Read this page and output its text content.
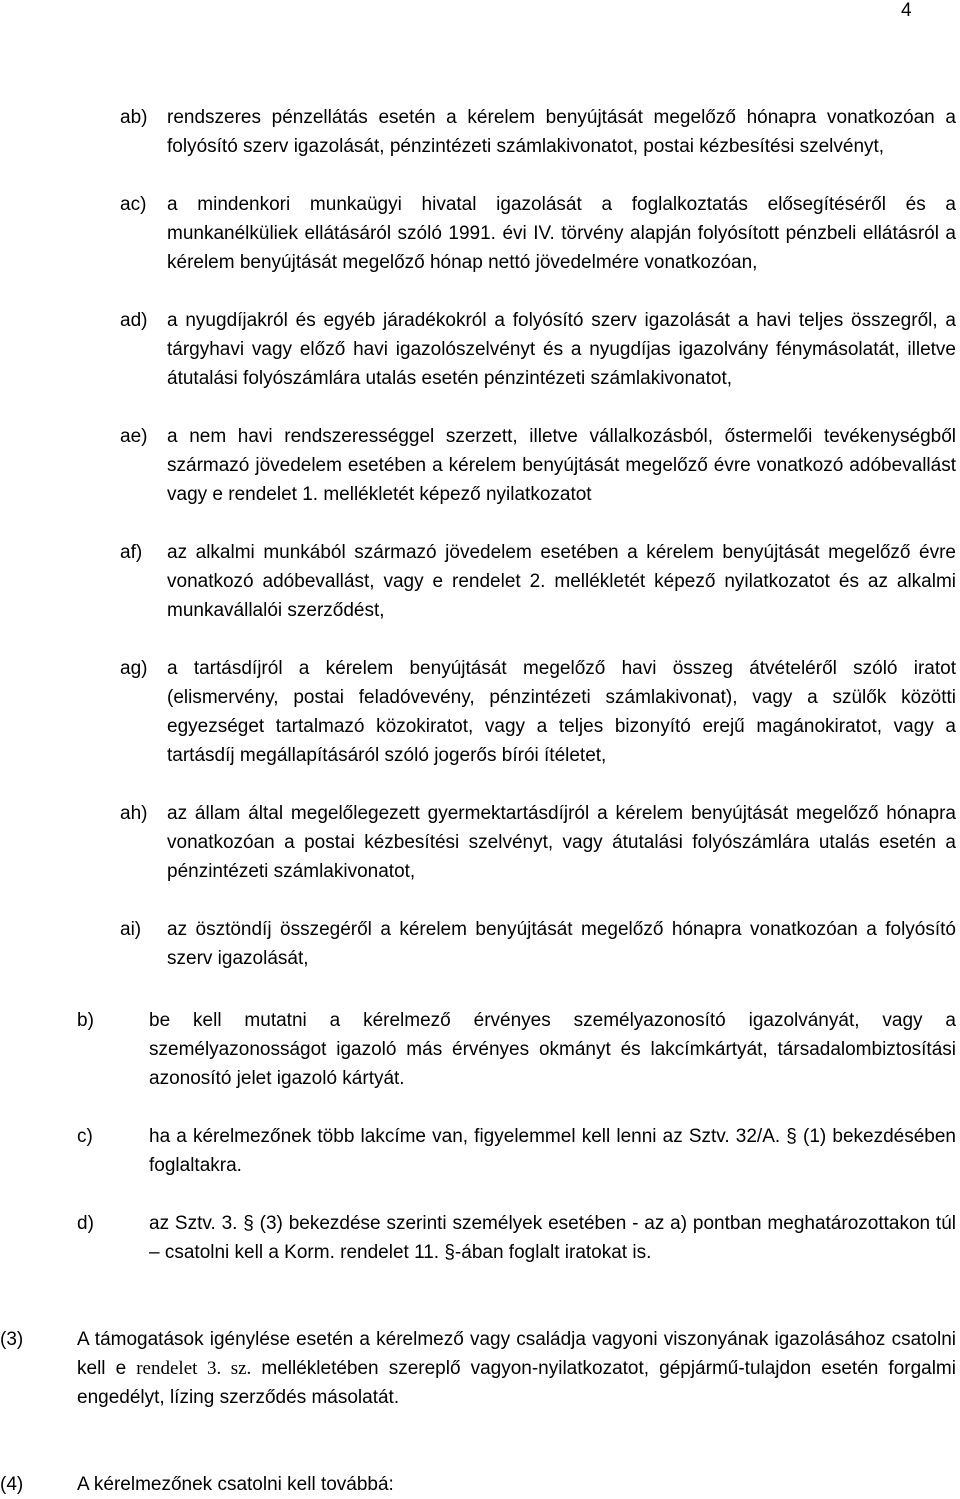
4
ab) rendszeres pénzellátás esetén a kérelem benyújtását megelőző hónapra vonatkozóan a folyósító szerv igazolását, pénzintézeti számlakivonatot, postai kézbesítési szelvényt,
ac) a mindenkori munkaügyi hivatal igazolását a foglalkoztatás elősegítéséről és a munkanélküliek ellátásáról szóló 1991. évi IV. törvény alapján folyósított pénzbeli ellátásról a kérelem benyújtását megelőző hónap nettó jövedelmére vonatkozóan,
ad) a nyugdíjakról és egyéb járadékokról a folyósító szerv igazolását a havi teljes összegről, a tárgyhavi vagy előző havi igazolószelvényt és a nyugdíjas igazolvány fénymásolatát, illetve átutalási folyószámlára utalás esetén pénzintézeti számlakivonatot,
ae) a nem havi rendszerességgel szerzett, illetve vállalkozásból, őstermelői tevékenységből származó jövedelem esetében a kérelem benyújtását megelőző évre vonatkozó adóbevallást vagy e rendelet 1. mellékletét képező nyilatkozatot
af) az alkalmi munkából származó jövedelem esetében a kérelem benyújtását megelőző évre vonatkozó adóbevallást, vagy e rendelet 2. mellékletét képező nyilatkozatot és az alkalmi munkavállalói szerződést,
ag) a tartásdíjról a kérelem benyújtását megelőző havi összeg átvételéről szóló iratot (elismervény, postai feladóvevény, pénzintézeti számlakivonat), vagy a szülők közötti egyezséget tartalmazó közokiratot, vagy a teljes bizonyító erejű magánokiratot, vagy a tartásdíj megállapításáról szóló jogerős bírói ítéletet,
ah) az állam által megelőlegezett gyermektartásdíjról a kérelem benyújtását megelőző hónapra vonatkozóan a postai kézbesítési szelvényt, vagy átutalási folyószámlára utalás esetén a pénzintézeti számlakivonatot,
ai) az ösztöndíj összegéről a kérelem benyújtását megelőző hónapra vonatkozóan a folyósító szerv igazolását,
b)	be kell mutatni a kérelmező érvényes személyazonosító igazolványát, vagy a személyazonosságot igazoló más érvényes okmányt és lakcímkártyát, társadalombiztosítási azonosító jelet igazoló kártyát.
c)	ha a kérelmezőnek több lakcíme van, figyelemmel kell lenni az Sztv. 32/A. § (1) bekezdésében foglaltakra.
d)	az Sztv. 3. § (3) bekezdése szerinti személyek esetében - az a) pontban meghatározottakon túl – csatolni kell a Korm. rendelet 11. §-ában foglalt iratokat is.
(3)	A támogatások igénylése esetén a kérelmező vagy családja vagyoni viszonyának igazolásához csatolni kell e rendelet 3. sz. mellékletében szereplő vagyon-nyilatkozatot, gépjármű-tulajdon esetén forgalmi engedélyt, lízing szerződés másolatát.
(4)	A kérelmezőnek csatolni kell továbbá:
